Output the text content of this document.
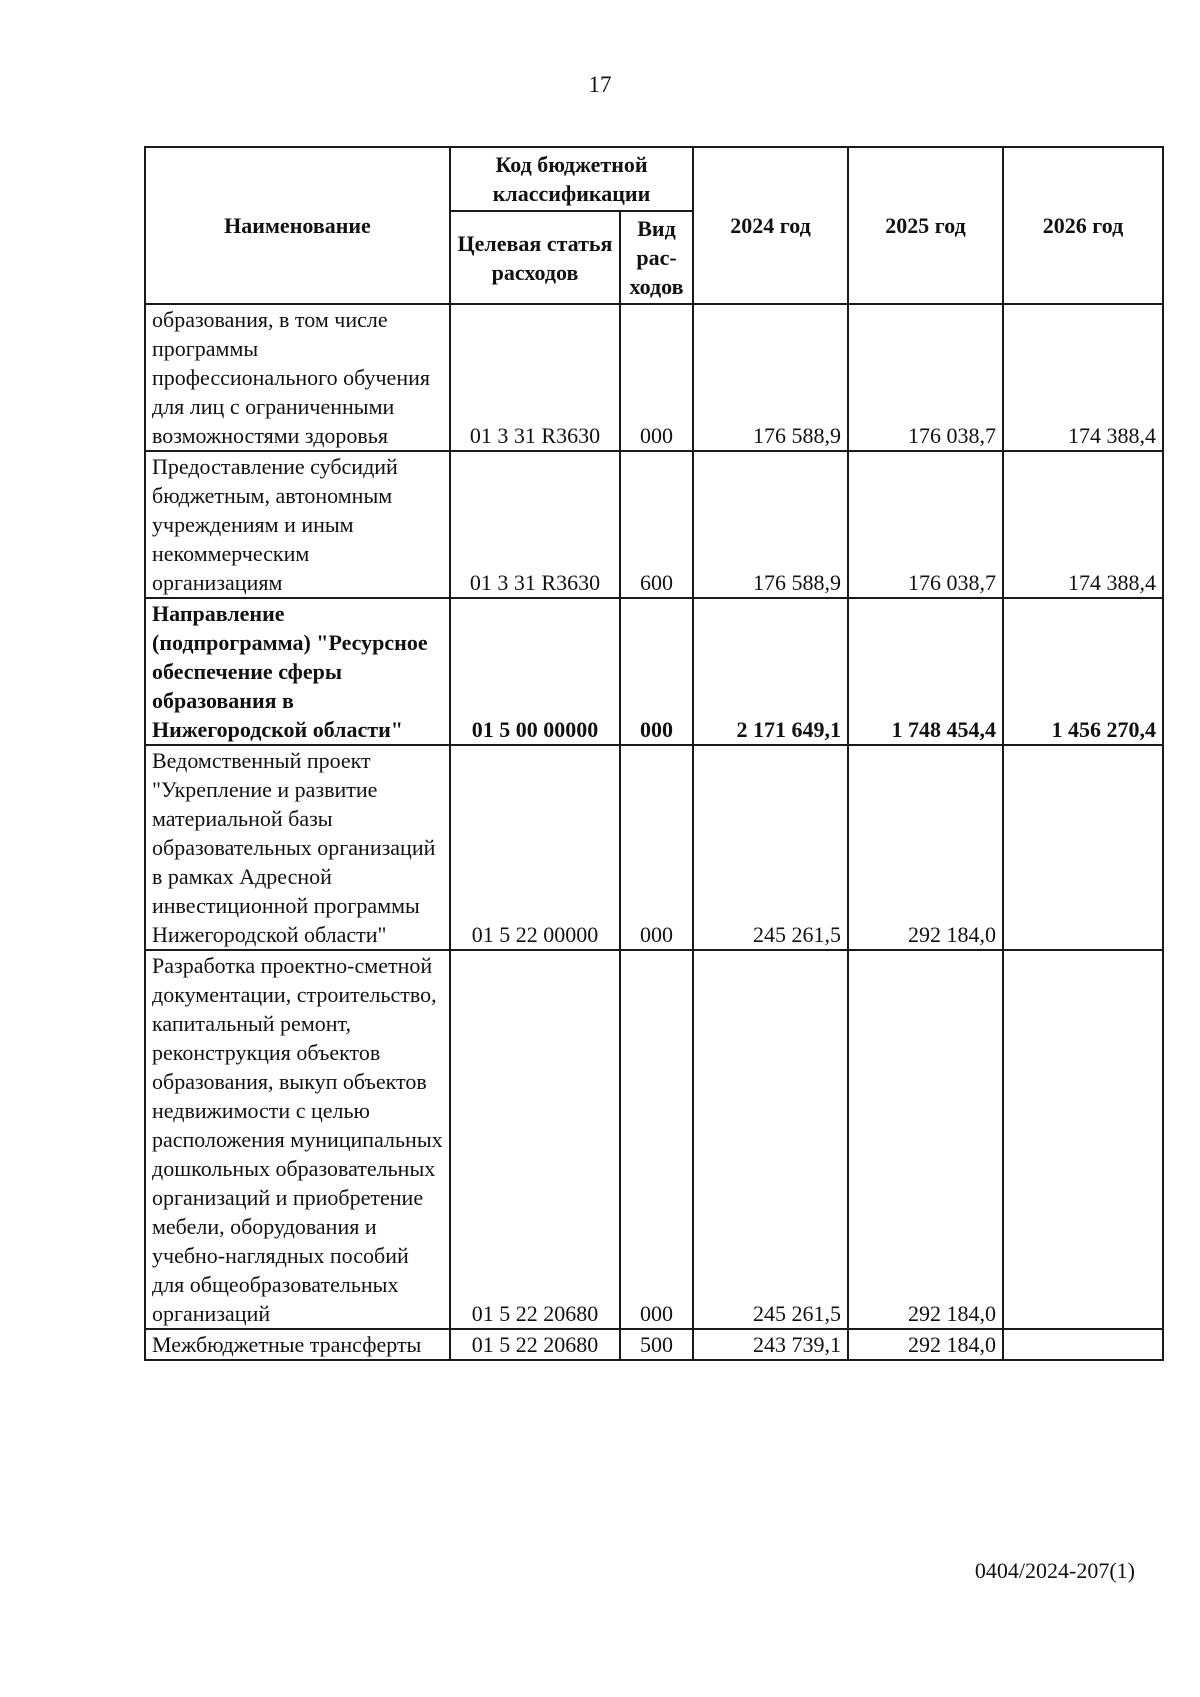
17
Наименование	Код бюджетной классификации		2024 год	2025 год	2026 год
	Целевая статья расходов	Вид рас-ходов			
образования, в том числе программы профессионального обучения для лиц с ограниченными возможностями здоровья	01 3 31 R3630	000	176 588,9	176 038,7	174 388,4
Предоставление субсидий бюджетным, автономным учреждениям и иным некоммерческим организациям	01 3 31 R3630	600	176 588,9	176 038,7	174 388,4
Направление (подпрограмма) "Ресурсное обеспечение сферы образования в Нижегородской области"	01 5 00 00000	000	2 171 649,1	1 748 454,4	1 456 270,4
Ведомственный проект "Укрепление и развитие материальной базы образовательных организаций в рамках Адресной инвестиционной программы Нижегородской области"	01 5 22 00000	000	245 261,5	292 184,0	
Разработка проектно-сметной документации, строительство, капитальный ремонт, реконструкция объектов образования, выкуп объектов недвижимости с целью расположения муниципальных дошкольных образовательных организаций и приобретение мебели, оборудования и учебно-наглядных пособий для общеобразовательных организаций	01 5 22 20680	000	245 261,5	292 184,0	
Межбюджетные трансферты	01 5 22 20680	500	243 739,1	292 184,0	
0404/2024-207(1)
